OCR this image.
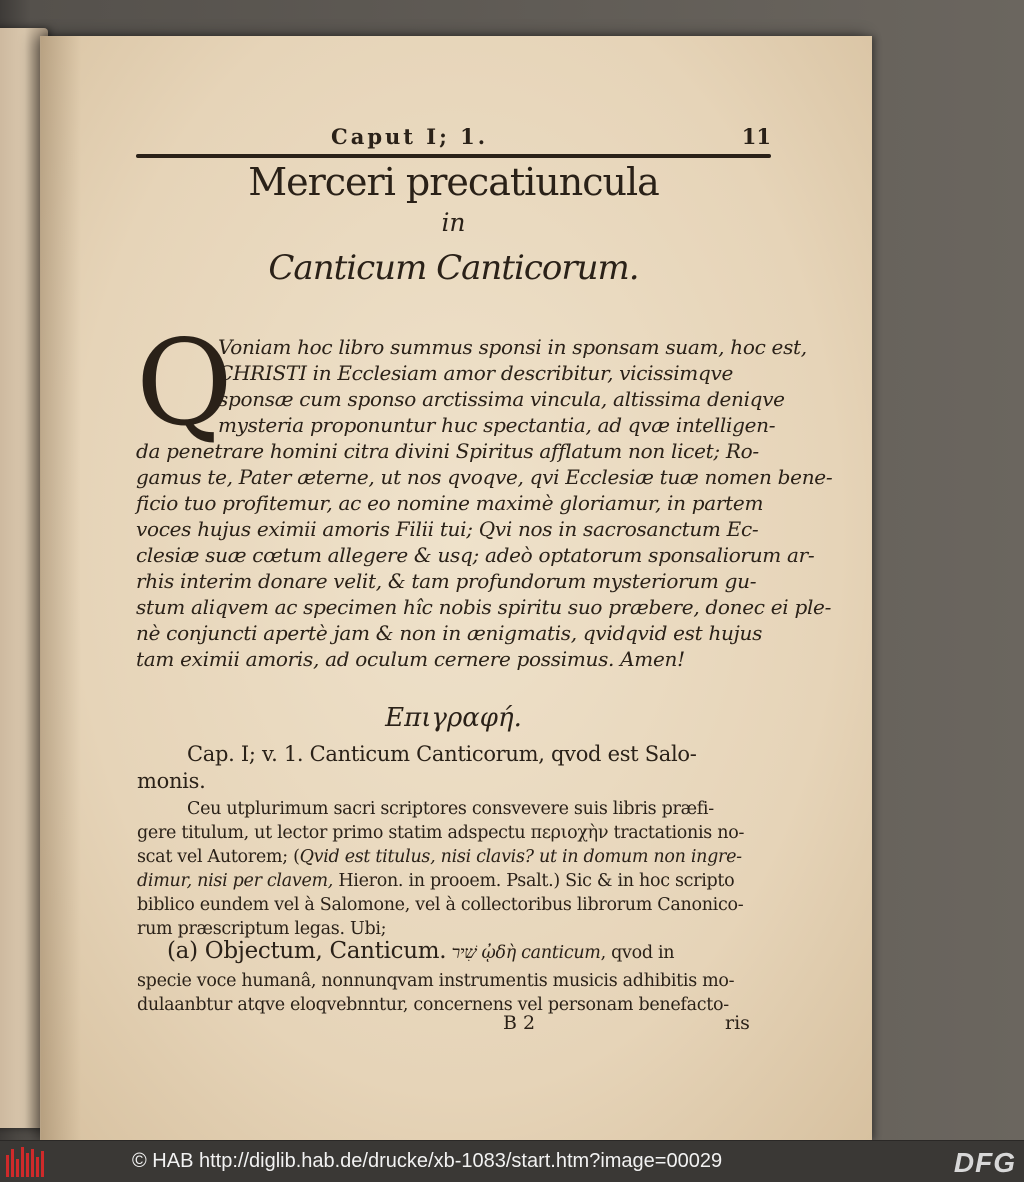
Caput I; 1.	11
Merceri precatiuncula
in
Canticum Canticorum.
Q
Voniam hoc libro summus sponsi in sponsam suam, hoc est,
CHRISTI in Ecclesiam amor describitur, vicissimqve
sponsæ cum sponso arctissima vincula, altissima deniqve
mysteria proponuntur huc spectantia, ad qvæ intelligen-
da penetrare homini citra divini Spiritus afflatum non licet; Ro-
gamus te, Pater æterne, ut nos qvoqve, qvi Ecclesiæ tuæ nomen bene-
ficio tuo profitemur, ac eo nomine maximè gloriamur, in partem
voces hujus eximii amoris Filii tui; Qvi nos in sacrosanctum Ec-
clesiæ suæ cœtum allegere & usq; adeò optatorum sponsaliorum ar-
rhis interim donare velit, & tam profundorum mysteriorum gu-
stum aliqvem ac specimen hîc nobis spiritu suo præbere, donec ei ple-
nè conjuncti apertè jam & non in ænigmatis, qvidqvid est hujus
tam eximii amoris, ad oculum cernere possimus. Amen!
Επιγραφή.
Cap. I; v. 1. Canticum Canticorum, qvod est Salo-
monis.
Ceu utplurimum sacri scriptores consvevere suis libris præfi-
gere titulum, ut lector primo statim adspectu περιοχὴν tractationis no-
scat vel Autorem; (Qvid est titulus, nisi clavis? ut in domum non ingre-
dimur, nisi per clavem, Hieron. in prooem. Psalt.) Sic & in hoc scripto
biblico eundem vel à Salomone, vel à collectoribus librorum Canonico-
rum præscriptum legas. Ubi;
(a) Objectum, Canticum. שִׁיר ᾠδὴ canticum, qvod in
specie voce humanâ, nonnunqvam instrumentis musicis adhibitis mo-
dulaanbtur atqve eloqvebnntur, concernens vel personam benefacto-
B 2	ris
© HAB http://diglib.hab.de/drucke/xb-1083/start.htm?image=00029	DFG
